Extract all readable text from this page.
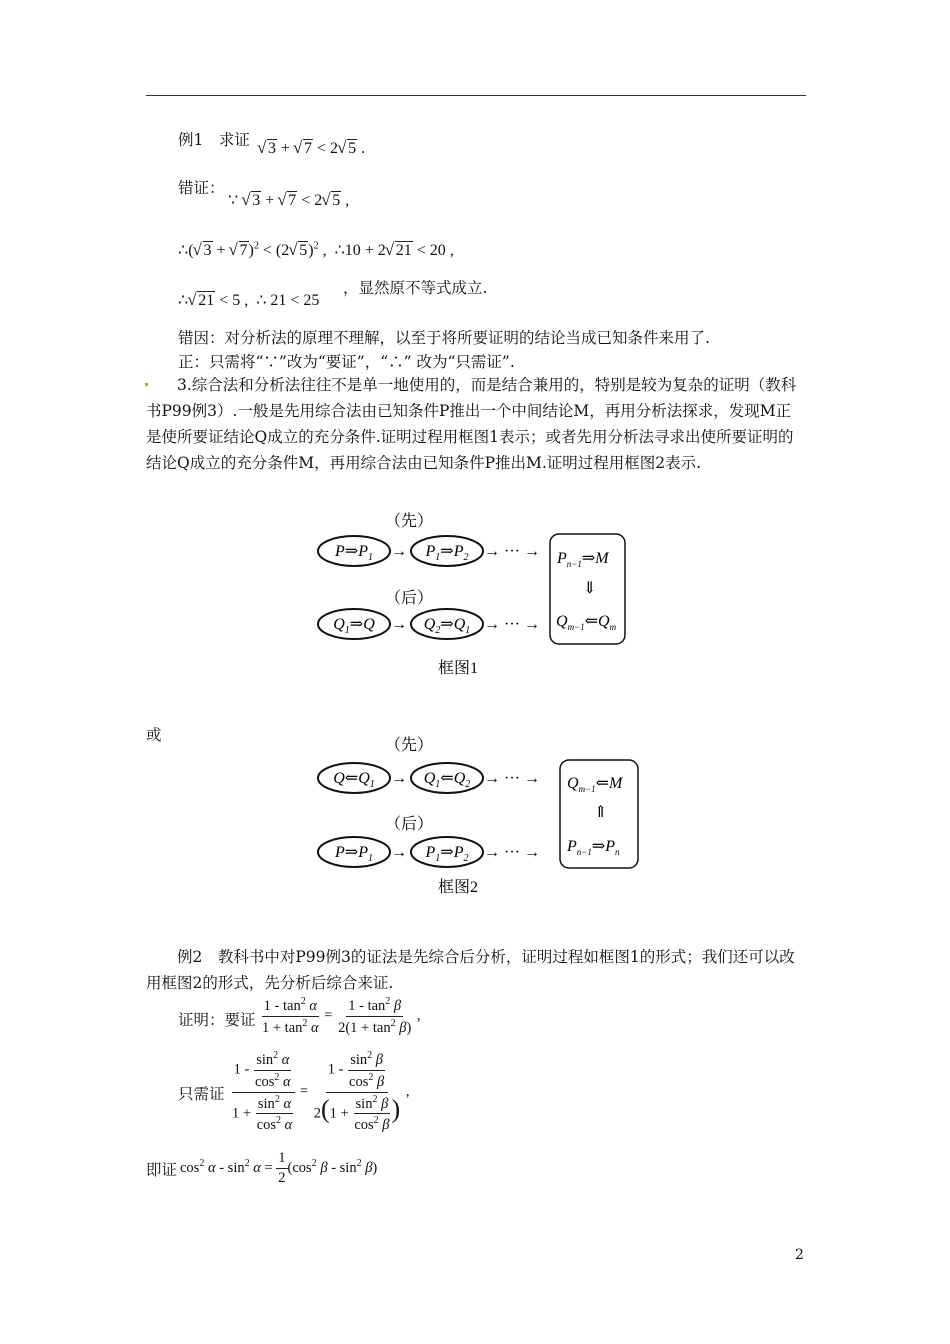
例1　求证	√ 3 + √ 7 < 2 √ 5 .
错证：
∵ √ 3 + √ 7 < 2 √ 5 ,
∴( √ 3 + √ 7)$^2$ < (2 √ 5)$^2$ ,  ∴10 + 2 √ 21 < 20 ,
∴ √ 21 < 5 ,  ∴ 21 < 25
，显然原不等式成立.
错因：对分析法的原理不理解，以至于将所要证明的结论当成已知条件来用了.
正：只需将“∵”改为“要证”，“∴” 改为“只需证”.
3.综合法和分析法往往不是单一地使用的，而是结合兼用的，特别是较为复杂的证明（教科书P99例3）.一般是先用综合法由已知条件P推出一个中间结论M，再用分析法探求，发现M正是使所要证结论Q成立的充分条件.证明过程用框图1表示；或者先用分析法寻求出使所要证明的结论Q成立的充分条件M，再用综合法由已知条件P推出M.证明过程用框图2表示.
（先）
$P\Rightarrow P_1$ → $P_1\Rightarrow P_2$ → ··· → $P_{n-1}\Rightarrow M$
⇓
$Q_{m-1}⇐Q_m$
（后）
$Q_1\Rightarrow Q$ → $Q_2\Rightarrow Q_1$ → ··· →
框图1
或
（先）
$Q⇐Q_1$ → $Q_1⇐Q_2$ → ··· → $Q_{m-1}⇐M$
⇑
$P_{n-1}\Rightarrow P_n$
（后）
$P\Rightarrow P_1$ → $P_1\Rightarrow P_2$ → ··· →
框图2
例2　教科书中对P99例3的证法是先综合后分析，证明过程如框图1的形式；我们还可以改用框图2的形式，先分析后综合来证.
证明：要证 $\frac{1 - \tan^2 \alpha}{1 + \tan^2 \alpha} = \frac{1 - \tan^2 \beta}{2(1 + \tan^2 \beta)}$ ,
只需证 $\frac{1 - \frac{\sin^2 \alpha}{\cos^2 \alpha}}{1 + \frac{\sin^2 \alpha}{\cos^2 \alpha}} = \frac{1 - \frac{\sin^2 \beta}{\cos^2 \beta}}{2(1 + \frac{\sin^2 \beta}{\cos^2 \beta} )}$ ,
即证 $\cos^2 \alpha - \sin^2 \alpha = \frac{1}{2} (\cos^2$ β - $\sin^2 \beta$)
2
